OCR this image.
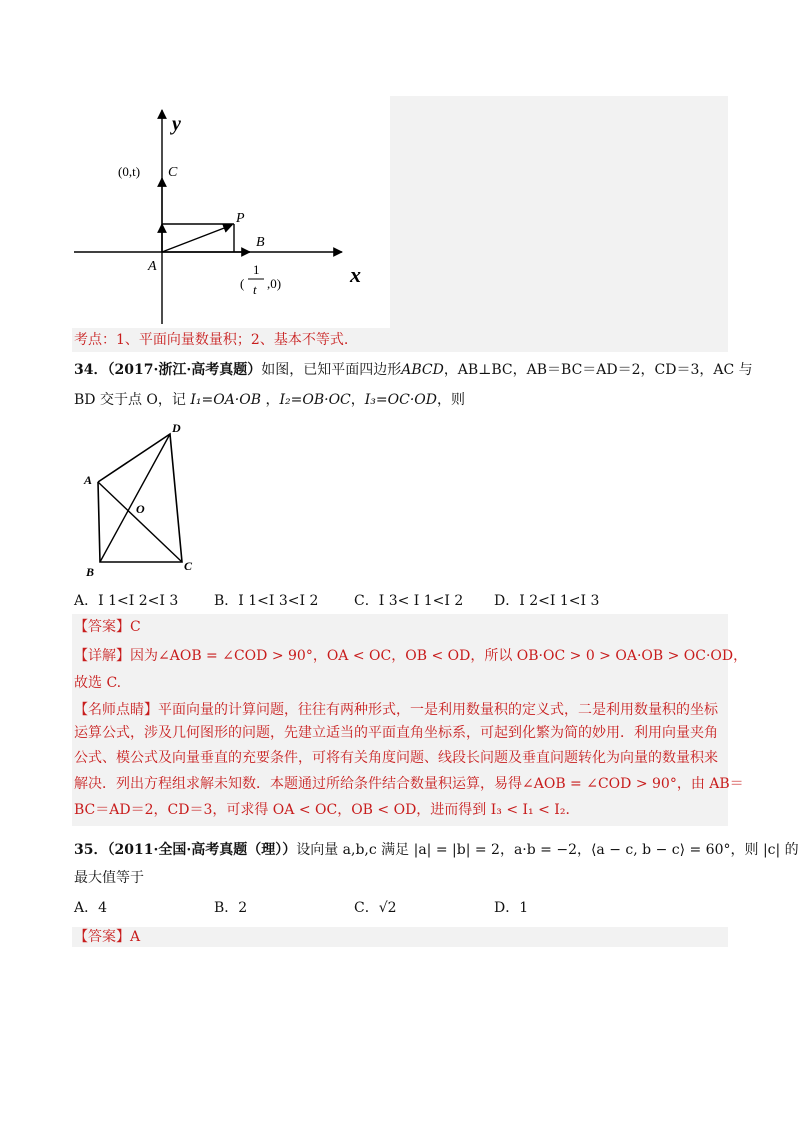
y
x
(0,t) C
P
B
A
(
1
t ,0)
考点：1、平面向量数量积；2、基本不等式.
34．（2017·浙江·高考真题）如图，已知平面四边形ABCD，AB⊥BC，AB＝BC＝AD＝2，CD＝3，AC 与
BD 交于点 O，记 I₁=OA·OB ，I₂=OB·OC，I₃=OC·OD，则
A
B	C
D
O
A．I 1<I 2<I 3	B．I 1<I 3<I 2	C．I 3< I 1<I 2 D．I 2<I 1<I 3
【答案】C
【详解】因为∠AOB = ∠COD > 90°，OA < OC，OB < OD，所以 OB·OC > 0 > OA·OB > OC·OD，
故选 C.
【名师点睛】平面向量的计算问题，往往有两种形式，一是利用数量积的定义式，二是利用数量积的坐标
运算公式，涉及几何图形的问题，先建立适当的平面直角坐标系，可起到化繁为简的妙用．利用向量夹角
公式、模公式及向量垂直的充要条件，可将有关角度问题、线段长问题及垂直问题转化为向量的数量积来
解决．列出方程组求解未知数．本题通过所给条件结合数量积运算，易得∠AOB = ∠COD > 90°，由 AB＝
BC＝AD＝2，CD＝3，可求得 OA < OC，OB < OD，进而得到 I₃ < I₁ < I₂．
35．（2011·全国·高考真题（理））设向量 a,b,c 满足 |a| = |b| = 2，a·b = −2，⟨a − c, b − c⟩ = 60°，则 |c| 的
最大值等于
A．4	B．2	C．√2	D．1
【答案】A
